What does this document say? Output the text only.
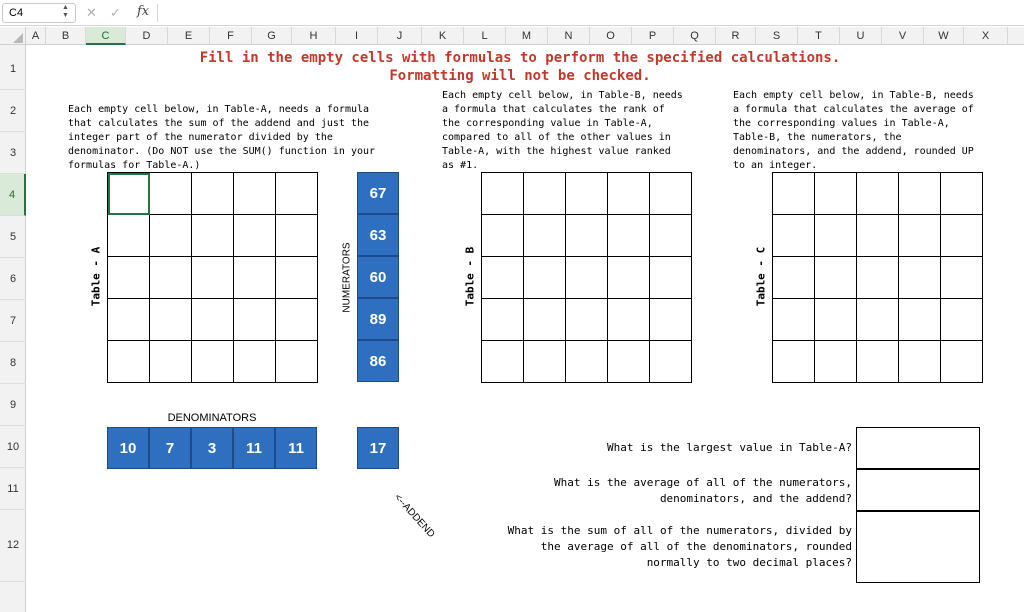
C4	▲
▼ ✕ ✓ fx
A	B	C	D	E	F	G	H	I	J	K	L	M	N	O	P	Q	R	S	T	U	V	W	X
1
2
3
4
5
6
7
8
9
10
11
12
Fill in the empty cells with formulas to perform the specified calculations.
Formatting will not be checked.
Each empty cell below, in Table-A, needs a formula
that calculates the sum of the addend and just the
integer part of the numerator divided by the
denominator. (Do NOT use the SUM() function in your
formulas for Table-A.)
Each empty cell below, in Table-B, needs
a formula that calculates the rank of
the corresponding value in Table-A,
compared to all of the other values in
Table-A, with the highest value ranked
as #1.
Each empty cell below, in Table-B, needs
a formula that calculates the average of
the corresponding values in Table-A,
Table-B, the numerators, the
denominators, and the addend, rounded UP
to an integer.

Table - A
67
63
60
89
86
NUMERATORS

					Table - B

					Table - C
DENOMINATORS
10	7	3	11	11	17
<--ADDEND
What is the largest value in Table-A?
What is the average of all of the numerators,
denominators, and the addend?
What is the sum of all of the numerators, divided by
the average of all of the denominators, rounded
normally to two decimal places?
